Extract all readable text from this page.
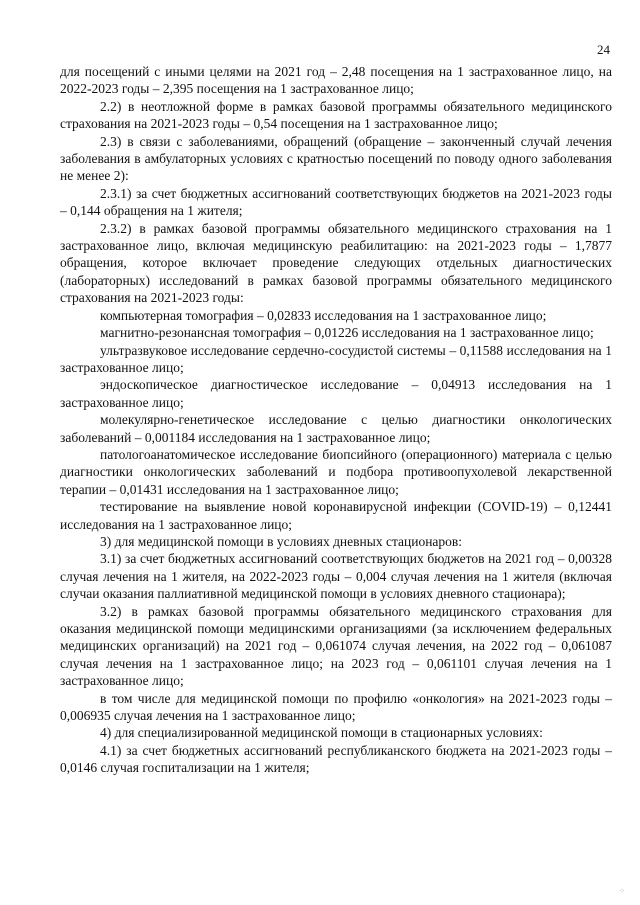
24

для посещений с иными целями на 2021 год – 2,48 посещения на 1 застрахованное лицо, на 2022-2023 годы – 2,395 посещения на 1 застрахованное лицо;

2.2) в неотложной форме в рамках базовой программы обязательного медицинского страхования на 2021-2023 годы – 0,54 посещения на 1 застрахованное лицо;

2.3) в связи с заболеваниями, обращений (обращение – законченный случай лечения заболевания в амбулаторных условиях с кратностью посещений по поводу одного заболевания не менее 2):

2.3.1) за счет бюджетных ассигнований соответствующих бюджетов на 2021-2023 годы – 0,144 обращения на 1 жителя;

2.3.2) в рамках базовой программы обязательного медицинского страхования на 1 застрахованное лицо, включая медицинскую реабилитацию: на 2021-2023 годы – 1,7877 обращения, которое включает проведение следующих отдельных диагностических (лабораторных) исследований в рамках базовой программы обязательного медицинского страхования на 2021-2023 годы:

компьютерная томография – 0,02833 исследования на 1 застрахованное лицо;

магнитно-резонансная томография – 0,01226 исследования на 1 застрахованное лицо;

ультразвуковое исследование сердечно-сосудистой системы – 0,11588 исследования на 1 застрахованное лицо;

эндоскопическое диагностическое исследование – 0,04913 исследования на 1 застрахованное лицо;

молекулярно-генетическое исследование с целью диагностики онкологических заболеваний – 0,001184 исследования на 1 застрахованное лицо;

патологоанатомическое исследование биопсийного (операционного) материала с целью диагностики онкологических заболеваний и подбора противоопухолевой лекарственной терапии – 0,01431 исследования на 1 застрахованное лицо;

тестирование на выявление новой коронавирусной инфекции (COVID-19) – 0,12441 исследования на 1 застрахованное лицо;

3) для медицинской помощи в условиях дневных стационаров:

3.1) за счет бюджетных ассигнований соответствующих бюджетов на 2021 год – 0,00328 случая лечения на 1 жителя, на 2022-2023 годы – 0,004 случая лечения на 1 жителя (включая случаи оказания паллиативной медицинской помощи в условиях дневного стационара);

3.2) в рамках базовой программы обязательного медицинского страхования для оказания медицинской помощи медицинскими организациями (за исключением федеральных медицинских организаций) на 2021 год – 0,061074 случая лечения, на 2022 год – 0,061087 случая лечения на 1 застрахованное лицо; на 2023 год – 0,061101 случая лечения на 1 застрахованное лицо;

в том числе для медицинской помощи по профилю «онкология» на 2021-2023 годы – 0,006935 случая лечения на 1 застрахованное лицо;

4) для специализированной медицинской помощи в стационарных условиях:

4.1) за счет бюджетных ассигнований республиканского бюджета на 2021-2023 годы – 0,0146 случая госпитализации на 1 жителя;

⁘
